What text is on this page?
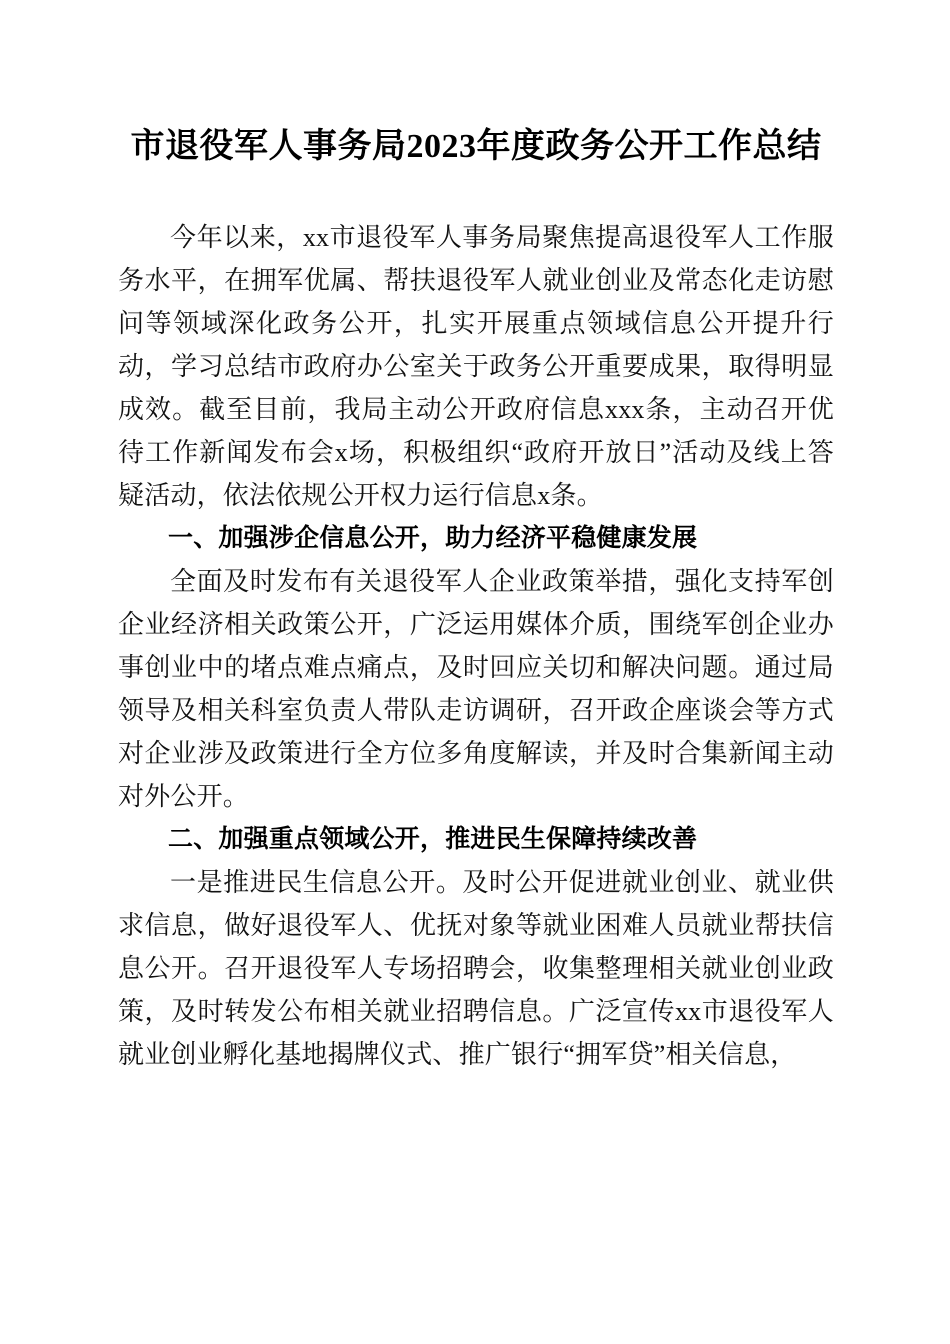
市退役军人事务局2023年度政务公开工作总结

今年以来，xx市退役军人事务局聚焦提高退役军人工作服务水平，在拥军优属、帮扶退役军人就业创业及常态化走访慰问等领域深化政务公开，扎实开展重点领域信息公开提升行动，学习总结市政府办公室关于政务公开重要成果，取得明显成效。截至目前，我局主动公开政府信息xxx条，主动召开优待工作新闻发布会x场，积极组织“政府开放日”活动及线上答疑活动，依法依规公开权力运行信息x条。

一、加强涉企信息公开，助力经济平稳健康发展

全面及时发布有关退役军人企业政策举措，强化支持军创企业经济相关政策公开，广泛运用媒体介质，围绕军创企业办事创业中的堵点难点痛点，及时回应关切和解决问题。通过局领导及相关科室负责人带队走访调研，召开政企座谈会等方式对企业涉及政策进行全方位多角度解读，并及时合集新闻主动对外公开。

二、加强重点领域公开，推进民生保障持续改善

一是推进民生信息公开。及时公开促进就业创业、就业供求信息，做好退役军人、优抚对象等就业困难人员就业帮扶信息公开。召开退役军人专场招聘会，收集整理相关就业创业政策，及时转发公布相关就业招聘信息。广泛宣传xx市退役军人就业创业孵化基地揭牌仪式、推广银行“拥军贷”相关信息，
